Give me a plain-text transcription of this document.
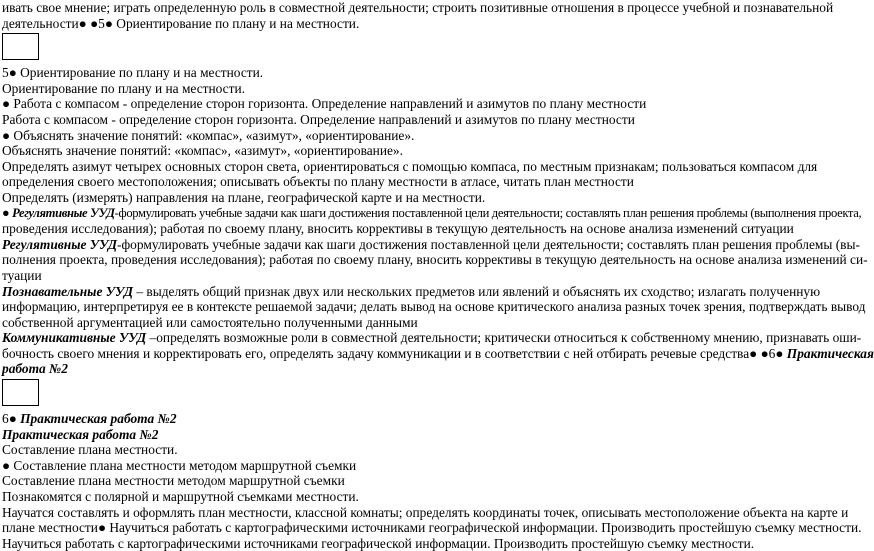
ивать свое мнение; играть определенную роль в совместной деятельности; строить позитивные отношения в процессе учебной и познавательной
деятельности● ●5● Ориентирование по плану и на местности.
5● Ориентирование по плану и на местности.
Ориентирование по плану и на местности.
● Работа с компасом - определение сторон горизонта. Определение направлений и азимутов по плану местности
Работа с компасом - определение сторон горизонта. Определение направлений и азимутов по плану местности
● Объяснять значение понятий: «компас», «азимут», «ориентирование».
Объяснять значение понятий: «компас», «азимут», «ориентирование».
Определять азимут четырех основных сторон света, ориентироваться с помощью компаса, по местным признакам; пользоваться компасом для
определения своего местоположения; описывать объекты по плану местности в атласе, читать план местности
Определять (измерять) направления на плане, географической карте и на местности.
● Регулятивные УУД-формулировать учебные задачи как шаги достижения поставленной цели деятельности; составлять план решения проблемы (выполнения проекта,
проведения исследования); работая по своему плану, вносить коррективы в текущую деятельность на основе анализа изменений ситуации
Регулятивные УУД-формулировать учебные задачи как шаги достижения поставленной цели деятельности; составлять план решения проблемы (вы-
полнения проекта, проведения исследования); работая по своему плану, вносить коррективы в текущую деятельность на основе анализа изменений си-
туации
Познавательные УУД – выделять общий признак двух или нескольких предметов или явлений и объяснять их сходство; излагать полученную
информацию, интерпретируя ее в контексте решаемой задачи; делать вывод на основе критического анализа разных точек зрения, подтверждать вывод
собственной аргументацией или самостоятельно полученными данными
Коммуникативные УУД –определять возможные роли в совместной деятельности; критически относиться к собственному мнению, признавать оши-
бочность своего мнения и корректировать его, определять задачу коммуникации и в соответствии с ней отбирать речевые средства● ●6● Практическая
работа №2
6● Практическая работа №2
Практическая работа №2
Составление плана местности.
● Составление плана местности методом маршрутной съемки
Составление плана местности методом маршрутной съемки
Познакомятся с полярной и маршрутной съемками местности.
Научатся составлять и оформлять план местности, классной комнаты; определять координаты точек, описывать местоположение объекта на карте и
плане местности● Научиться работать с картографическими источниками географической информации. Производить простейшую съемку местности.
Научиться работать с картографическими источниками географической информации. Производить простейшую съемку местности.
